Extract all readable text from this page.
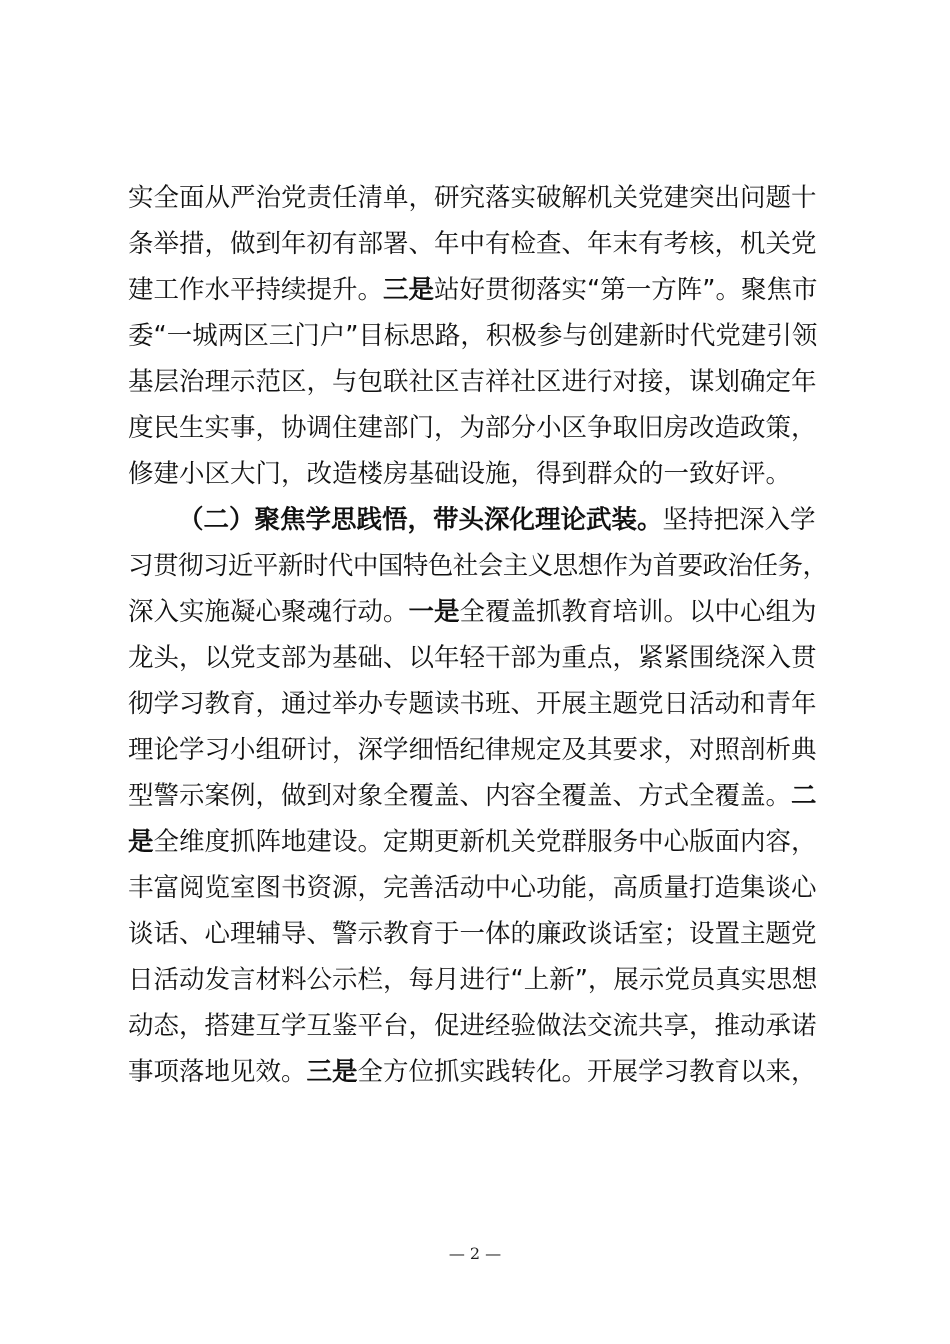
实全面从严治党责任清单，研究落实破解机关党建突出问题十
条举措，做到年初有部署、年中有检查、年末有考核，机关党
建工作水平持续提升。三是站好贯彻落实“第一方阵”。聚焦市
委“一城两区三门户”目标思路，积极参与创建新时代党建引领
基层治理示范区，与包联社区吉祥社区进行对接，谋划确定年
度民生实事，协调住建部门，为部分小区争取旧房改造政策，
修建小区大门，改造楼房基础设施，得到群众的一致好评。
（二）聚焦学思践悟，带头深化理论武装。坚持把深入学
习贯彻习近平新时代中国特色社会主义思想作为首要政治任务，
深入实施凝心聚魂行动。一是全覆盖抓教育培训。以中心组为
龙头，以党支部为基础、以年轻干部为重点，紧紧围绕深入贯
彻学习教育，通过举办专题读书班、开展主题党日活动和青年
理论学习小组研讨，深学细悟纪律规定及其要求，对照剖析典
型警示案例，做到对象全覆盖、内容全覆盖、方式全覆盖。二
是全维度抓阵地建设。定期更新机关党群服务中心版面内容，
丰富阅览室图书资源，完善活动中心功能，高质量打造集谈心
谈话、心理辅导、警示教育于一体的廉政谈话室；设置主题党
日活动发言材料公示栏，每月进行“上新”，展示党员真实思想
动态，搭建互学互鉴平台，促进经验做法交流共享，推动承诺
事项落地见效。三是全方位抓实践转化。开展学习教育以来，
— 2 —
